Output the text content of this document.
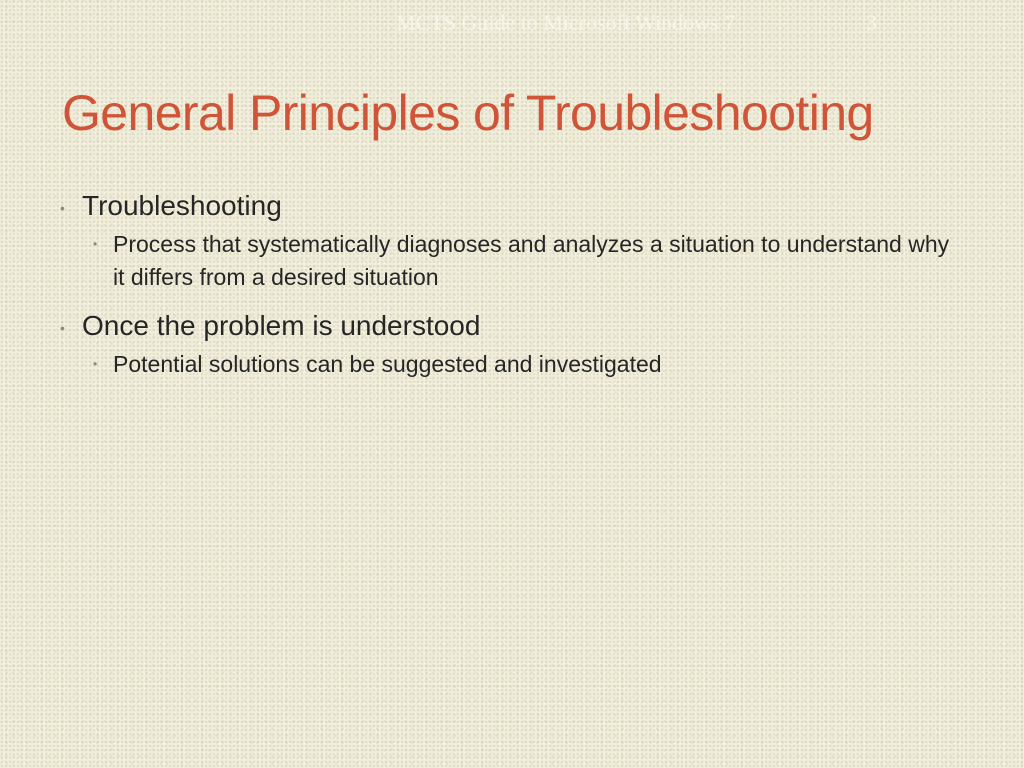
MCTS Guide to Microsoft Windows 7	3
General Principles of Troubleshooting
• Troubleshooting
• Process that systematically diagnoses and analyzes a situation to understand why it differs from a desired situation
• Once the problem is understood
• Potential solutions can be suggested and investigated
